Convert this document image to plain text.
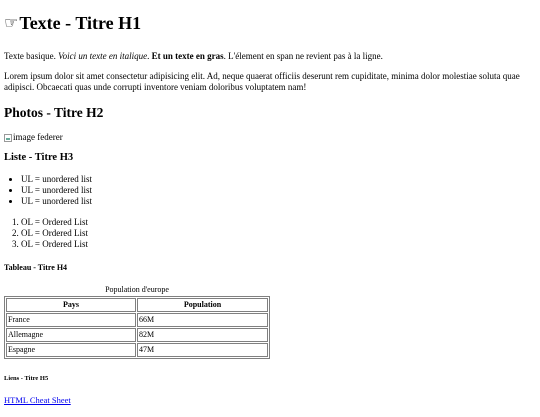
☞ Texte - Titre H1

Texte basique. Voici un texte en italique. Et un texte en gras. L'élement en span ne revient pas à la ligne.

Lorem ipsum dolor sit amet consectetur adipisicing elit. Ad, neque quaerat officiis deserunt rem cupiditate, minima dolor molestiae soluta quae adipisci. Obcaecati quas unde corrupti inventore veniam doloribus voluptatem nam!

Photos - Titre H2
image federer
Liste - Titre H3
• UL = unordered list
• UL = unordered list
• UL = unordered list
1. OL = Ordered List
2. OL = Ordered List
3. OL = Ordered List
Tableau - Titre H4
Population d'europe
Pays	Population
France	66M
Allemagne	82M
Espagne	47M
Liens - Titre H5
HTML Cheat Sheet
